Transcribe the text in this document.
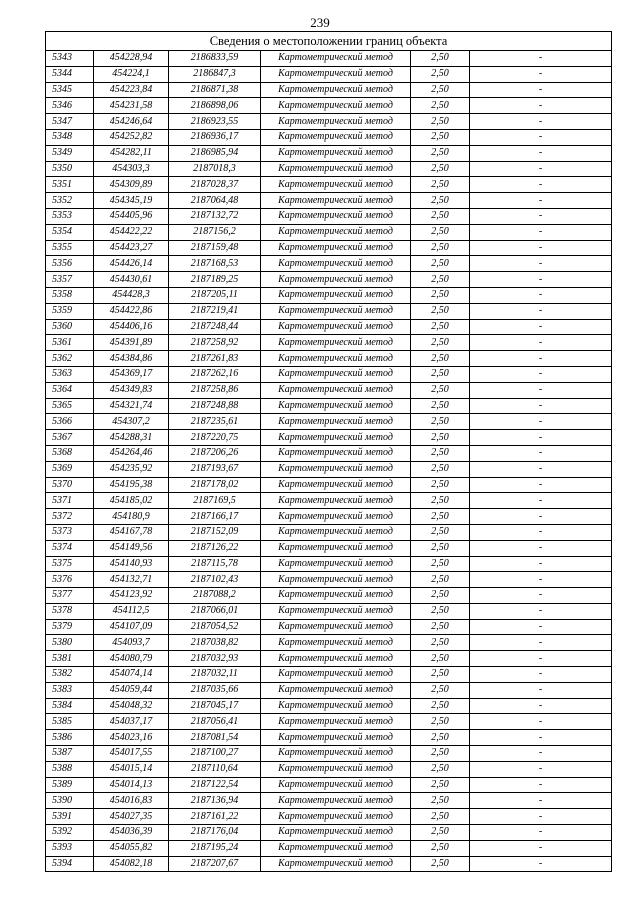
239
Сведения о местоположении границ объекта					
5343	454228,94	2186833,59	Картометрический метод	2,50	-
5344	454224,1	2186847,3	Картометрический метод	2,50	-
5345	454223,84	2186871,38	Картометрический метод	2,50	-
5346	454231,58	2186898,06	Картометрический метод	2,50	-
5347	454246,64	2186923,55	Картометрический метод	2,50	-
5348	454252,82	2186936,17	Картометрический метод	2,50	-
5349	454282,11	2186985,94	Картометрический метод	2,50	-
5350	454303,3	2187018,3	Картометрический метод	2,50	-
5351	454309,89	2187028,37	Картометрический метод	2,50	-
5352	454345,19	2187064,48	Картометрический метод	2,50	-
5353	454405,96	2187132,72	Картометрический метод	2,50	-
5354	454422,22	2187156,2	Картометрический метод	2,50	-
5355	454423,27	2187159,48	Картометрический метод	2,50	-
5356	454426,14	2187168,53	Картометрический метод	2,50	-
5357	454430,61	2187189,25	Картометрический метод	2,50	-
5358	454428,3	2187205,11	Картометрический метод	2,50	-
5359	454422,86	2187219,41	Картометрический метод	2,50	-
5360	454406,16	2187248,44	Картометрический метод	2,50	-
5361	454391,89	2187258,92	Картометрический метод	2,50	-
5362	454384,86	2187261,83	Картометрический метод	2,50	-
5363	454369,17	2187262,16	Картометрический метод	2,50	-
5364	454349,83	2187258,86	Картометрический метод	2,50	-
5365	454321,74	2187248,88	Картометрический метод	2,50	-
5366	454307,2	2187235,61	Картометрический метод	2,50	-
5367	454288,31	2187220,75	Картометрический метод	2,50	-
5368	454264,46	2187206,26	Картометрический метод	2,50	-
5369	454235,92	2187193,67	Картометрический метод	2,50	-
5370	454195,38	2187178,02	Картометрический метод	2,50	-
5371	454185,02	2187169,5	Картометрический метод	2,50	-
5372	454180,9	2187166,17	Картометрический метод	2,50	-
5373	454167,78	2187152,09	Картометрический метод	2,50	-
5374	454149,56	2187126,22	Картометрический метод	2,50	-
5375	454140,93	2187115,78	Картометрический метод	2,50	-
5376	454132,71	2187102,43	Картометрический метод	2,50	-
5377	454123,92	2187088,2	Картометрический метод	2,50	-
5378	454112,5	2187066,01	Картометрический метод	2,50	-
5379	454107,09	2187054,52	Картометрический метод	2,50	-
5380	454093,7	2187038,82	Картометрический метод	2,50	-
5381	454080,79	2187032,93	Картометрический метод	2,50	-
5382	454074,14	2187032,11	Картометрический метод	2,50	-
5383	454059,44	2187035,66	Картометрический метод	2,50	-
5384	454048,32	2187045,17	Картометрический метод	2,50	-
5385	454037,17	2187056,41	Картометрический метод	2,50	-
5386	454023,16	2187081,54	Картометрический метод	2,50	-
5387	454017,55	2187100,27	Картометрический метод	2,50	-
5388	454015,14	2187110,64	Картометрический метод	2,50	-
5389	454014,13	2187122,54	Картометрический метод	2,50	-
5390	454016,83	2187136,94	Картометрический метод	2,50	-
5391	454027,35	2187161,22	Картометрический метод	2,50	-
5392	454036,39	2187176,04	Картометрический метод	2,50	-
5393	454055,82	2187195,24	Картометрический метод	2,50	-
5394	454082,18	2187207,67	Картометрический метод	2,50	-
